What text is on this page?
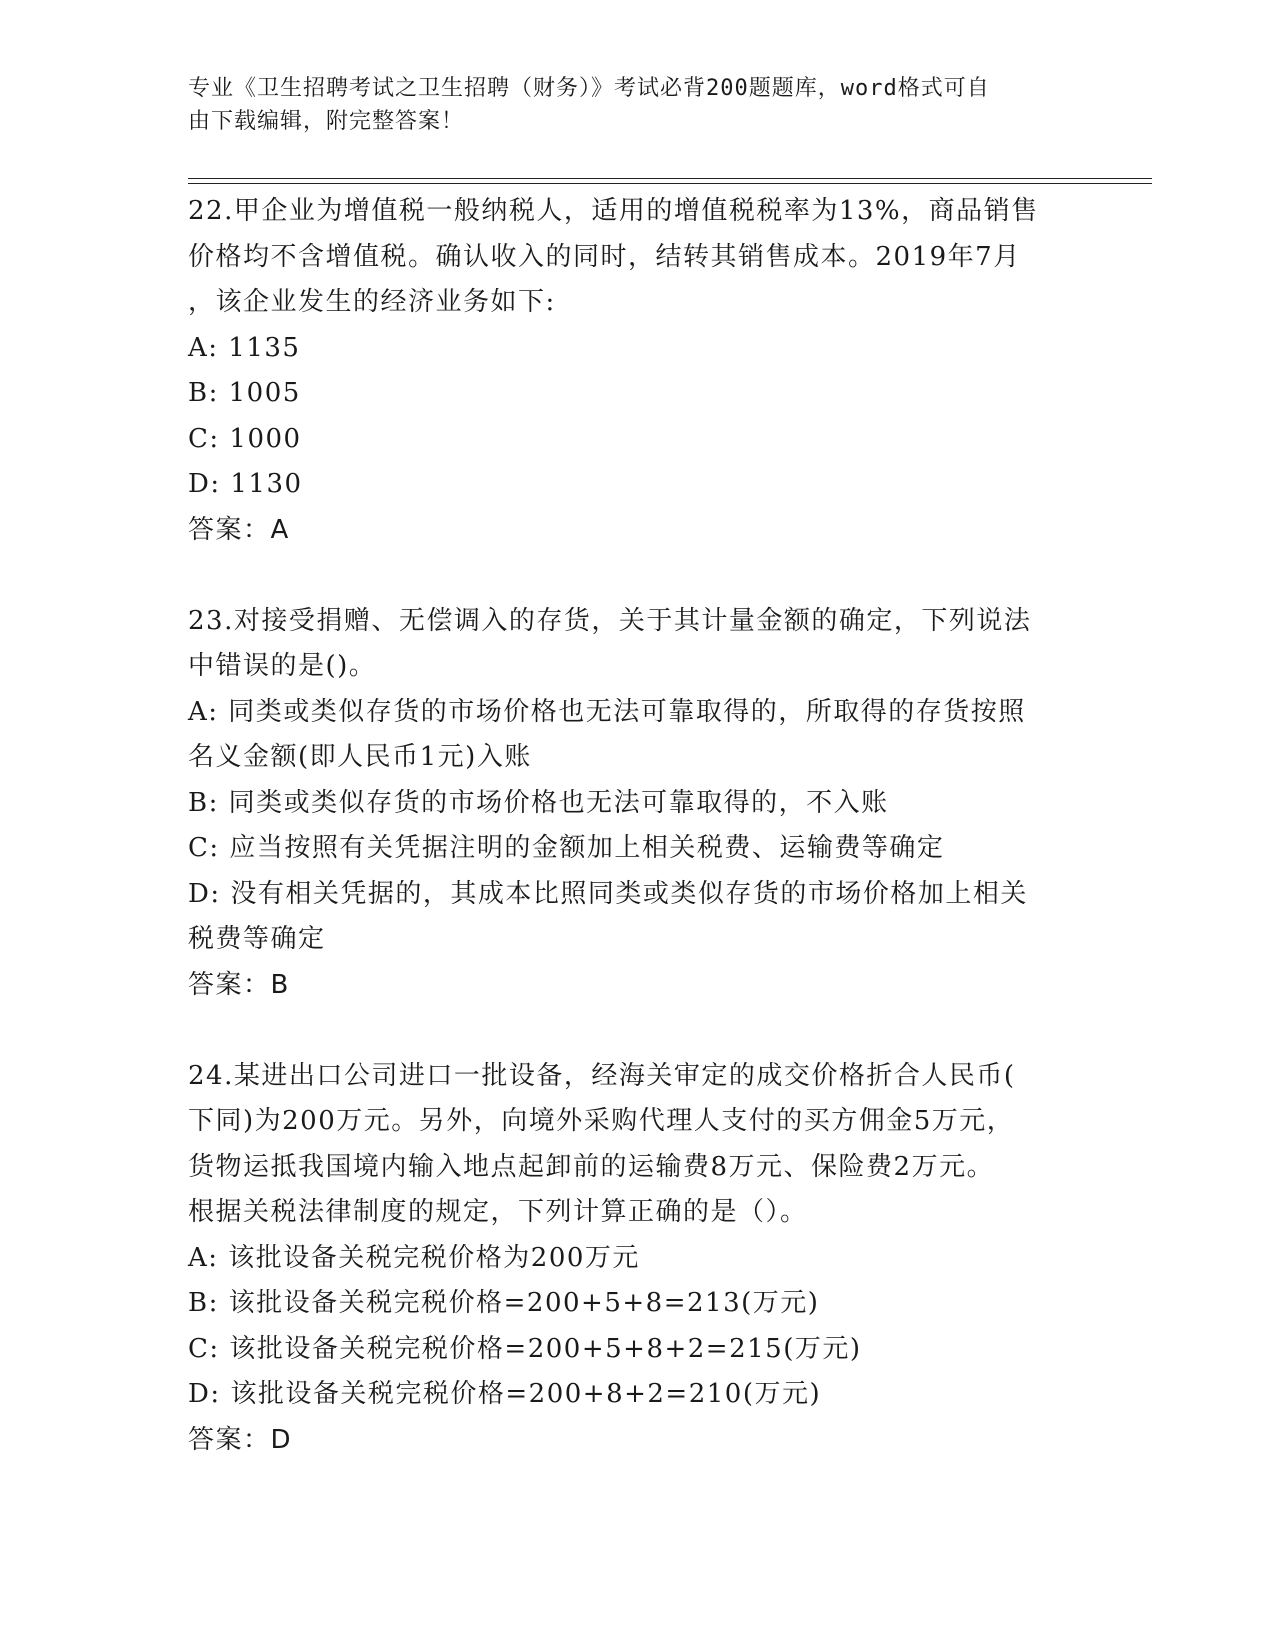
专业《卫生招聘考试之卫生招聘（财务）》考试必背200题题库，word格式可自
由下载编辑，附完整答案！

22.甲企业为增值税一般纳税人，适用的增值税税率为13%，商品销售

价格均不含增值税。确认收入的同时，结转其销售成本。2019年7月

，该企业发生的经济业务如下:

A: 1135

B: 1005

C: 1000

D: 1130

答案：A

23.对接受捐赠、无偿调入的存货，关于其计量金额的确定，下列说法

中错误的是()。

A: 同类或类似存货的市场价格也无法可靠取得的，所取得的存货按照

名义金额(即人民币1元)入账

B: 同类或类似存货的市场价格也无法可靠取得的，不入账

C: 应当按照有关凭据注明的金额加上相关税费、运输费等确定

D: 没有相关凭据的，其成本比照同类或类似存货的市场价格加上相关

税费等确定

答案：B

24.某进出口公司进口一批设备，经海关审定的成交价格折合人民币(

下同)为200万元。另外，向境外采购代理人支付的买方佣金5万元，

货物运抵我国境内输入地点起卸前的运输费8万元、保险费2万元。

根据关税法律制度的规定，下列计算正确的是（）。

A: 该批设备关税完税价格为200万元

B: 该批设备关税完税价格=200+5+8=213(万元)

C: 该批设备关税完税价格=200+5+8+2=215(万元)

D: 该批设备关税完税价格=200+8+2=210(万元)

答案：D
